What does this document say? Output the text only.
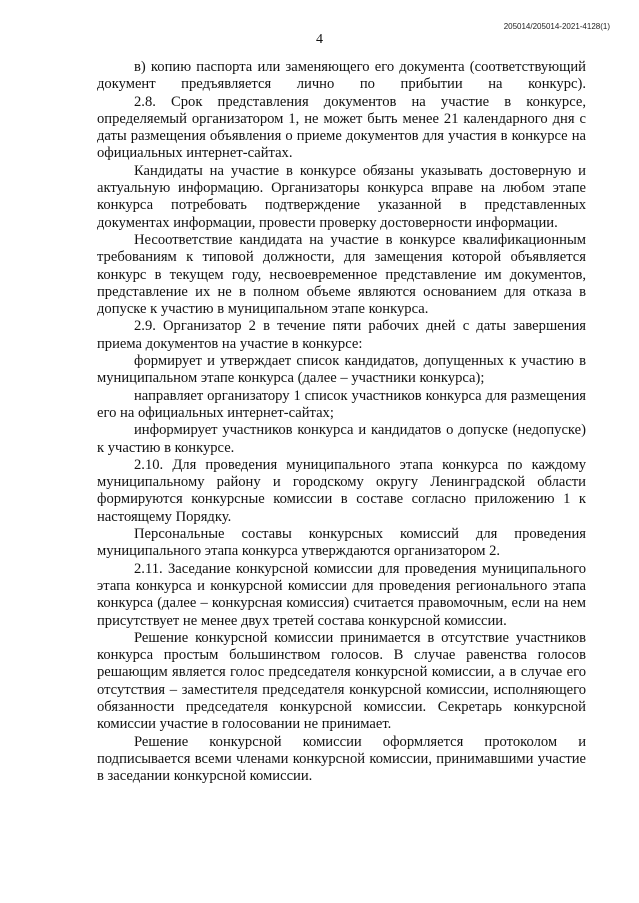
205014/205014-2021-4128(1)
4

в) копию паспорта или заменяющего его документа (соответствующий документ предъявляется лично по прибытии на конкурс).

2.8. Срок представления документов на участие в конкурсе, определяемый организатором 1, не может быть менее 21 календарного дня с даты размещения объявления о приеме документов для участия в конкурсе на официальных интернет-сайтах.

Кандидаты на участие в конкурсе обязаны указывать достоверную и актуальную информацию. Организаторы конкурса вправе на любом этапе конкурса потребовать подтверждение указанной в представленных документах информации, провести проверку достоверности информации.

Несоответствие кандидата на участие в конкурсе квалификационным требованиям к типовой должности, для замещения которой объявляется конкурс в текущем году, несвоевременное представление им документов, представление их не в полном объеме являются основанием для отказа в допуске к участию в муниципальном этапе конкурса.

2.9. Организатор 2 в течение пяти рабочих дней с даты завершения приема документов на участие в конкурсе:

формирует и утверждает список кандидатов, допущенных к участию в муниципальном этапе конкурса (далее – участники конкурса);

направляет организатору 1 список участников конкурса для размещения его на официальных интернет-сайтах;

информирует участников конкурса и кандидатов о допуске (недопуске) к участию в конкурсе.

2.10. Для проведения муниципального этапа конкурса по каждому муниципальному району и городскому округу Ленинградской области формируются конкурсные комиссии в составе согласно приложению 1 к настоящему Порядку.

Персональные составы конкурсных комиссий для проведения муниципального этапа конкурса утверждаются организатором 2.

2.11. Заседание конкурсной комиссии для проведения муниципального этапа конкурса и конкурсной комиссии для проведения регионального этапа конкурса (далее – конкурсная комиссия) считается правомочным, если на нем присутствует не менее двух третей состава конкурсной комиссии.

Решение конкурсной комиссии принимается в отсутствие участников конкурса простым большинством голосов. В случае равенства голосов решающим является голос председателя конкурсной комиссии, а в случае его отсутствия – заместителя председателя конкурсной комиссии, исполняющего обязанности председателя конкурсной комиссии. Секретарь конкурсной комиссии участие в голосовании не принимает.

Решение конкурсной комиссии оформляется протоколом и подписывается всеми членами конкурсной комиссии, принимавшими участие в заседании конкурсной комиссии.
